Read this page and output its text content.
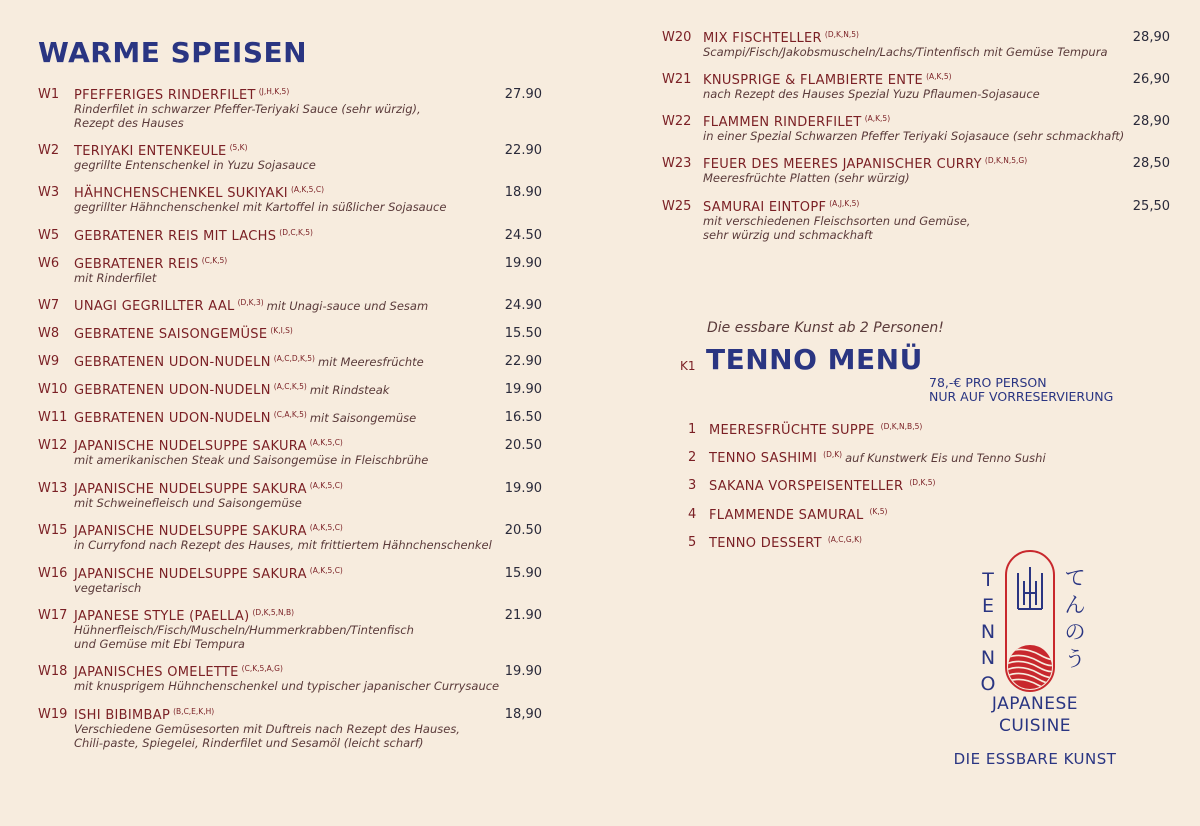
WARME SPEISEN
W1 PFEFFERIGES RINDERFILET $^{(J,H,K,5)}$	27.90
Rinderfilet in schwarzer Pfeffer-Teriyaki Sauce (sehr würzig),
Rezept des Hauses
W2 TERIYAKI ENTENKEULE $^{(5,K)}$	22.90
gegrillte Entenschenkel in Yuzu Sojasauce
W3 HÄHNCHENSCHENKEL SUKIYAKI $^{(A,K,5,C)}$	18.90
gegrillter Hähnchenschenkel mit Kartoffel in süßlicher Sojasauce
W5 GEBRATENER REIS MIT LACHS $^{(D,C,K,5)}$	24.50
W6 GEBRATENER REIS $^{(C,K,5)}$	19.90
mit Rinderfilet
W7 UNAGI GEGRILLTER AAL $^{(D,K,3)}$ mit Unagi-sauce und Sesam	24.90
W8 GEBRATENE SAISONGEMÜSE $^{(K,I,S)}$	15.50
W9 GEBRATENEN UDON-NUDELN $^{(A,C,D,K,5)}$ mit Meeresfrüchte	22.90
W10 GEBRATENEN UDON-NUDELN $^{(A,C,K,5)}$ mit Rindsteak	19.90
W11 GEBRATENEN UDON-NUDELN $^{(C,A,K,5)}$ mit Saisongemüse	16.50
W12 JAPANISCHE NUDELSUPPE SAKURA $^{(A,K,5,C)}$	20.50
mit amerikanischen Steak und Saisongemüse in Fleischbrühe
W13 JAPANISCHE NUDELSUPPE SAKURA $^{(A,K,5,C)}$	19.90
mit Schweinefleisch und Saisongemüse
W15 JAPANISCHE NUDELSUPPE SAKURA $^{(A,K,5,C)}$	20.50
in Curryfond nach Rezept des Hauses, mit frittiertem Hähnchenschenkel
W16 JAPANISCHE NUDELSUPPE SAKURA $^{(A,K,5,C)}$	15.90
vegetarisch
W17 JAPANESE STYLE (PAELLA) $^{(D,K,5,N,B)}$	21.90
Hühnerfleisch/Fisch/Muscheln/Hummerkrabben/Tintenfisch
und Gemüse mit Ebi Tempura
W18 JAPANISCHES OMELETTE $^{(C,K,5,A,G)}$	19.90
mit knusprigem Hühnchenschenkel und typischer japanischer Currysauce
W19 ISHI BIBIMBAP $^{(B,C,E,K,H)}$	18,90
Verschiedene Gemüsesorten mit Duftreis nach Rezept des Hauses,
Chili-paste, Spiegelei, Rinderfilet und Sesamöl (leicht scharf)
W20 MIX FISCHTELLER $^{(D,K,N,5)}$	28,90
Scampi/Fisch/Jakobsmuscheln/Lachs/Tintenfisch mit Gemüse Tempura
W21 KNUSPRIGE & FLAMBIERTE ENTE $^{(A,K,5)}$	26,90
nach Rezept des Hauses Spezial Yuzu Pflaumen-Sojasauce
W22 FLAMMEN RINDERFILET $^{(A,K,5)}$	28,90
in einer Spezial Schwarzen Pfeffer Teriyaki Sojasauce (sehr schmackhaft)
W23 FEUER DES MEERES JAPANISCHER CURRY $^{(D,K,N,5,G)}$	28,50
Meeresfrüchte Platten (sehr würzig)
W25 SAMURAI EINTOPF $^{(A,J,K,5)}$	25,50
mit verschiedenen Fleischsorten und Gemüse,
sehr würzig und schmackhaft

Die essbare Kunst ab 2 Personen!

K1 TENNO MENÜ
78,-€ PRO PERSON
NUR AUF VORRESERVIERUNG
1 MEERESFRÜCHTE SUPPE $^{(D,K,N,B,5)}$
2 TENNO SASHIMI $^{(D,K)}$ auf Kunstwerk Eis und Tenno Sushi
3 SAKANA VORSPEISENTELLER $^{(D,K,5)}$
4 FLAMMENDE SAMURAL $^{(K,5)}$
5 TENNO DESSERT $^{(A,C,G,K)}$
T
E
N
N
O
て
ん
の
う
JAPANESE
CUISINE
DIE ESSBARE KUNST
